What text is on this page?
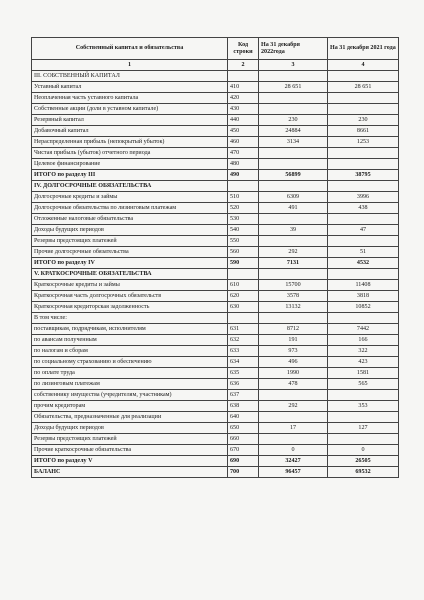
Собственный капитал и обязательства	Код строки	На 31 декабря 2022года	На 31 декабря 2021 года
1	2	3	4
III. СОБСТВЕННЫЙ КАПИТАЛ			
Уставный капитал	410	28 651	28 651
Неоплаченная часть уставного капитала	420		
Собственные акции (доли в уставном капитале)	430		
Резервный капитал	440	230	230
Добавочный капитал	450	24884	8661
Нераспределенная прибыль (непокрытый убыток)	460	3134	1253
Чистая прибыль (убыток) отчетного периода	470		
Целевое финансирование	480		
ИТОГО по разделу III	490	56899	38795
IV. ДОЛГОСРОЧНЫЕ ОБЯЗАТЕЛЬСТВА			
Долгосрочные кредиты и займы	510	6309	3996
Долгосрочные обязательства по лизинговым платежам	520	491	438
Отложенные налоговые обязательства	530		
Доходы будущих периодов	540	39	47
Резервы предстоящих платежей	550		
Прочие долгосрочные обязательства	560	292	51
ИТОГО по разделу IV	590	7131	4532
V. КРАТКОСРОЧНЫЕ ОБЯЗАТЕЛЬСТВА			
Краткосрочные кредиты и займы	610	15700	11408
Краткосрочная часть долгосрочных обязательств	620	3578	3818
Краткосрочная кредиторская задолженность	630	13132	10852
В том числе:			
поставщикам, подрядчикам, исполнителям	631	8712	7442
по авансам полученным	632	191	166
по налогам и сборам	633	973	322
по социальному страхованию и обеспечению	634	496	423
по оплате труда	635	1990	1581
по лизинговым платежам	636	478	565
собственнику имущества (учредителям, участникам)	637		
прочим кредиторам	638	292	353
Обязательства, предназначенные для реализации	640		
Доходы будущих периодов	650	17	127
Резервы предстоящих платежей	660		
Прочие краткосрочные обязательства	670	0	0
ИТОГО по разделу V	690	32427	26505
БАЛАНС	700	96457	69532
